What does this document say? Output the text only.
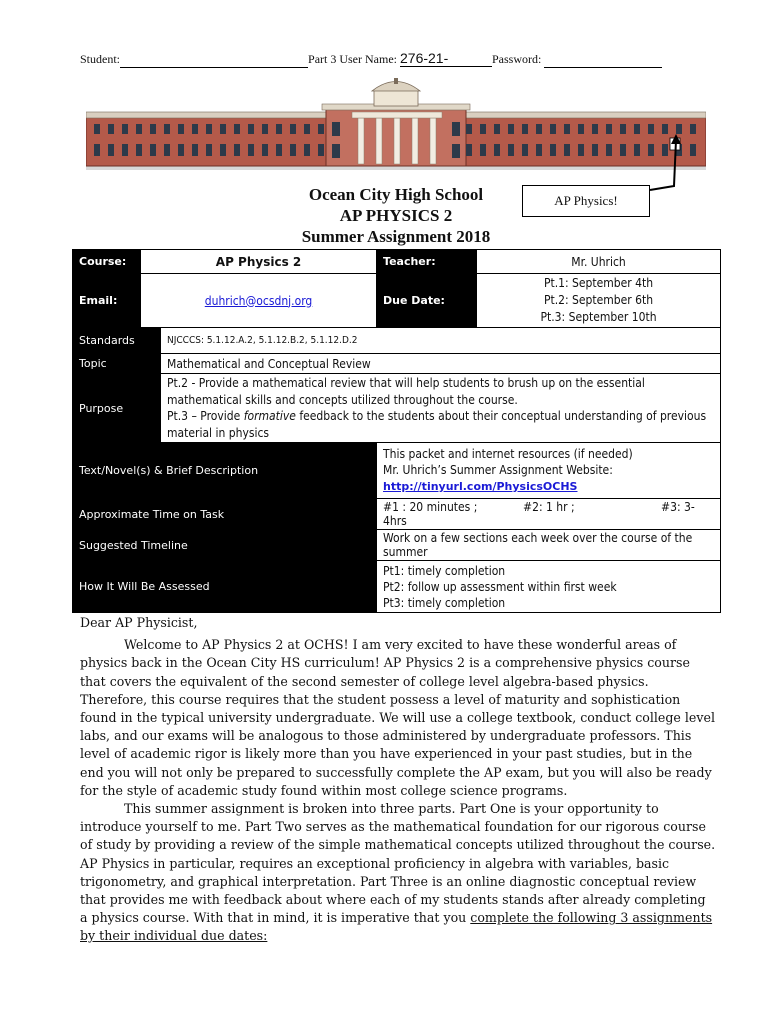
Student:	Part 3 User Name: 276-21-	Password:
Ocean City High School
AP PHYSICS 2
Summer Assignment 2018
AP Physics!
Course:	AP Physics 2		Teacher:	Mr. Uhrich
Email:	duhrich@ocsdnj.org		Due Date:	Pt.1: September 4th
Pt.2: September 6th
Pt.3: September 10th

Standards		NJCCCS: 5.1.12.A.2, 5.1.12.B.2, 5.1.12.D.2		
Topic		Mathematical and Conceptual Review		
Purpose		Pt.2 - Provide a mathematical review that will help students to brush up on the essential mathematical skills and concepts utilized throughout the course.
Pt.3 – Provide formative feedback to the students about their conceptual understanding of previous material in physics		

Text/Novel(s) & Brief Description			This packet and internet resources (if needed)
Mr. Uhrich’s Summer Assignment Website:
http://tinyurl.com/PhysicsOCHS	

Approximate Time on Task			#1 : 20 minutes ; #2: 1 hr ; #3: 3-4hrs	
Suggested Timeline			Work on a few sections each week over the course of the summer	
How It Will Be Assessed			Pt1: timely completion
Pt2: follow up assessment within first week
Pt3: timely completion	

Dear AP Physicist,

Welcome to AP Physics 2 at OCHS! I am very excited to have these wonderful areas of physics back in the Ocean City HS curriculum! AP Physics 2 is a comprehensive physics course that covers the equivalent of the second semester of college level algebra-based physics. Therefore, this course requires that the student possess a level of maturity and sophistication found in the typical university undergraduate. We will use a college textbook, conduct college level labs, and our exams will be analogous to those administered by undergraduate professors. This level of academic rigor is likely more than you have experienced in your past studies, but in the end you will not only be prepared to successfully complete the AP exam, but you will also be ready for the style of academic study found within most college science programs.

This summer assignment is broken into three parts. Part One is your opportunity to introduce yourself to me. Part Two serves as the mathematical foundation for our rigorous course of study by providing a review of the simple mathematical concepts utilized throughout the course. AP Physics in particular, requires an exceptional proficiency in algebra with variables, basic trigonometry, and graphical interpretation. Part Three is an online diagnostic conceptual review that provides me with feedback about where each of my students stands after already completing a physics course. With that in mind, it is imperative that you complete the following 3 assignments by their individual due dates:
